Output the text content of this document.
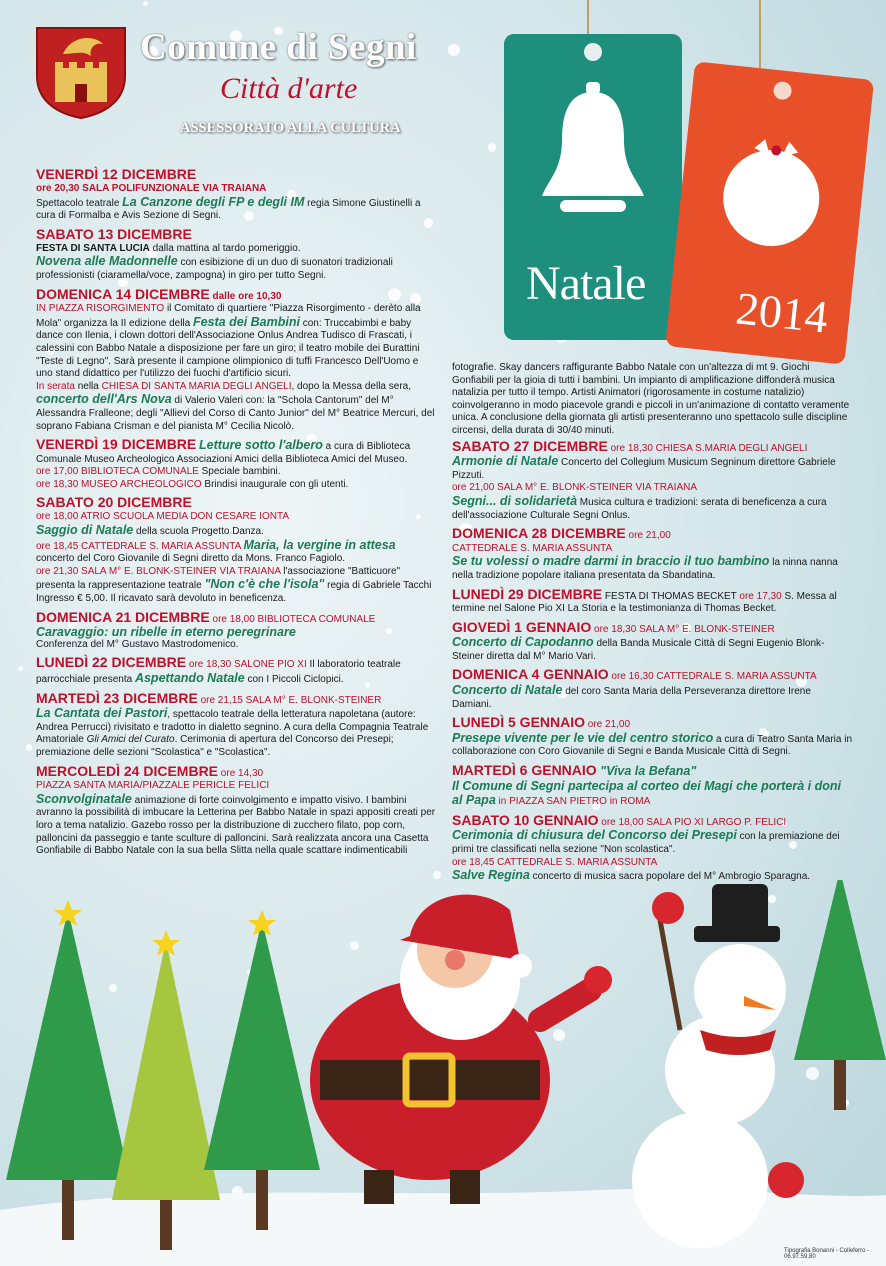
Comune di Segni
Città d'arte
ASSESSORATO ALLA CULTURA
Natale 2014

VENERDÌ 12 DICEMBRE

ore 20,30 SALA POLIFUNZIONALE VIA TRAIANA

Spettacolo teatrale La Canzone degli FP e degli IM regia Simone Giustinelli a cura di Formalba e Avis Sezione di Segni.

SABATO 13 DICEMBRE

FESTA DI SANTA LUCIA dalla mattina al tardo pomeriggio.

Novena alle Madonnelle con esibizione di un duo di suonatori tradizionali professionisti (ciaramella/voce, zampogna) in giro per tutto Segni.

DOMENICA 14 DICEMBRE dalle ore 10,30

IN PIAZZA RISORGIMENTO il Comitato di quartiere "Piazza Risorgimento - derèto alla Mola" organizza la II edizione della Festa dei Bambini con: Truccabimbi e baby dance con Ilenia, i clown dottori dell'Associazione Onlus Andrea Tudisco di Frascati, i calessini con Babbo Natale a disposizione per fare un giro; il teatro mobile dei Burattini "Teste di Legno". Sarà presente il campione olimpionico di tuffi Francesco Dell'Uomo e uno stand didattico per l'utilizzo dei fuochi d'artificio sicuri.

In serata nella CHIESA DI SANTA MARIA DEGLI ANGELI, dopo la Messa della sera,

concerto dell'Ars Nova di Valerio Valeri con: la "Schola Cantorum" del M° Alessandra Fralleone; degli "Allievi del Corso di Canto Junior" del M° Beatrice Mercuri, del soprano Fabiana Crisman e del pianista M° Cecilia Nicolò.

VENERDÌ 19 DICEMBRE Letture sotto l'albero a cura di Biblioteca Comunale Museo Archeologico Associazioni Amici della Biblioteca Amici del Museo.

ore 17,00 BIBLIOTECA COMUNALE Speciale bambini.

ore 18,30 MUSEO ARCHEOLOGICO Brindisi inaugurale con gli utenti.

SABATO 20 DICEMBRE

ore 18,00 ATRIO SCUOLA MEDIA DON CESARE IONTA

Saggio di Natale della scuola Progetto Danza.

ore 18,45 CATTEDRALE S. MARIA ASSUNTA Maria, la vergine in attesa concerto del Coro Giovanile di Segni diretto da Mons. Franco Fagiolo.

ore 21,30 SALA M° E. BLONK-STEINER VIA TRAIANA l'associazione "Batticuore" presenta la rappresentazione teatrale "Non c'è che l'isola" regia di Gabriele Tacchi Ingresso € 5,00. Il ricavato sarà devoluto in beneficenza.

DOMENICA 21 DICEMBRE ore 18,00 BIBLIOTECA COMUNALE

Caravaggio: un ribelle in eterno peregrinare

Conferenza del M° Gustavo Mastrodomenico.

LUNEDÌ 22 DICEMBRE ore 18,30 SALONE PIO XI Il laboratorio teatrale parrocchiale presenta Aspettando Natale con I Piccoli Ciclopici.

MARTEDÌ 23 DICEMBRE ore 21,15 SALA M° E. BLONK-STEINER

La Cantata dei Pastori, spettacolo teatrale della letteratura napoletana (autore: Andrea Perrucci) rivisitato e tradotto in dialetto segnino. A cura della Compagnia Teatrale Amatoriale Gli Amici del Curato. Cerimonia di apertura del Concorso dei Presepi; premiazione delle sezioni "Scolastica" e "Scolastica".

MERCOLEDÌ 24 DICEMBRE ore 14,30

PIAZZA SANTA MARIA/PIAZZALE PERICLE FELICI

Sconvolginatale animazione di forte coinvolgimento e impatto visivo. I bambini avranno la possibilità di imbucare la Letterina per Babbo Natale in spazi appositi creati per loro a tema natalizio. Gazebo rosso per la distribuzione di zucchero filato, pop corn, palloncini da passeggio e tante sculture di palloncini. Sarà realizzata ancora una Casetta Gonfiabile di Babbo Natale con la sua bella Slitta nella quale scattare indimenticabili

fotografie. Skay dancers raffigurante Babbo Natale con un'altezza di mt 9. Giochi Gonfiabili per la gioia di tutti i bambini. Un impianto di amplificazione diffonderà musica natalizia per tutto il tempo. Artisti Animatori (rigorosamente in costume natalizio) coinvolgeranno in modo piacevole grandi e piccoli in un'animazione di contatto veramente unica. A conclusione della giornata gli artisti presenteranno uno spettacolo sulle discipline circensi, della durata di 30/40 minuti.

SABATO 27 DICEMBRE ore 18,30 CHIESA S.MARIA DEGLI ANGELI

Armonie di Natale Concerto del Collegium Musicum Segninum direttore Gabriele Pizzuti.

ore 21,00 SALA M° E. BLONK-STEINER VIA TRAIANA

Segni... di solidarietà Musica cultura e tradizioni: serata di beneficenza a cura dell'associazione Culturale Segni Onlus.

DOMENICA 28 DICEMBRE ore 21,00

CATTEDRALE S. MARIA ASSUNTA

Se tu volessi o madre darmi in braccio il tuo bambino la ninna nanna nella tradizione popolare italiana presentata da Sbandatina.

LUNEDÌ 29 DICEMBRE FESTA DI THOMAS BECKET ore 17,30 S. Messa al termine nel Salone Pio XI La Storia e la testimonianza di Thomas Becket.

GIOVEDÌ 1 GENNAIO ore 18,30 SALA M° E. BLONK-STEINER

Concerto di Capodanno della Banda Musicale Città di Segni Eugenio Blonk-Steiner diretta dal M° Mario Vari.

DOMENICA 4 GENNAIO ore 16,30 CATTEDRALE S. MARIA ASSUNTA

Concerto di Natale del coro Santa Maria della Perseveranza direttore Irene Damiani.

LUNEDÌ 5 GENNAIO ore 21,00

Presepe vivente per le vie del centro storico a cura di Teatro Santa Maria in collaborazione con Coro Giovanile di Segni e Banda Musicale Città di Segni.

MARTEDÌ 6 GENNAIO "Viva la Befana"

Il Comune di Segni partecipa al corteo dei Magi che porterà i doni al Papa in PIAZZA SAN PIETRO in ROMA

SABATO 10 GENNAIO ore 18,00 SALA PIO XI LARGO P. FELICI

Cerimonia di chiusura del Concorso dei Presepi con la premiazione dei primi tre classificati nella sezione "Non scolastica".

ore 18,45 CATTEDRALE S. MARIA ASSUNTA

Salve Regina concerto di musica sacra popolare del M° Ambrogio Sparagna.

Tipografia Bonanni - Colleferro - 06.97.59.80
